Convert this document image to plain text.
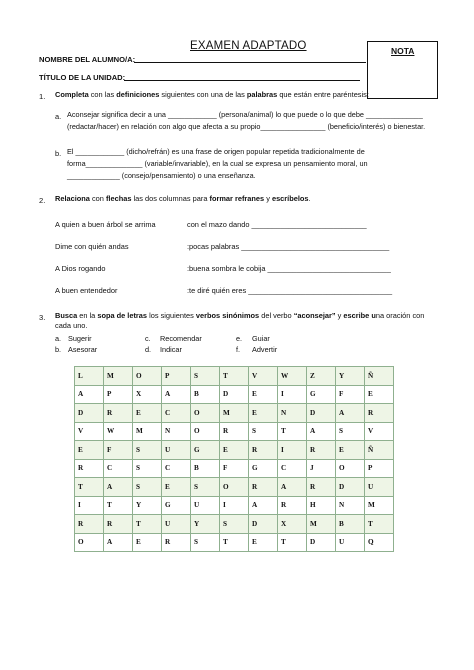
EXAMEN ADAPTADO	NOTA
NOMBRE DEL ALUMNO/A:
TÍTULO DE LA UNIDAD:
1. Completa con las definiciones siguientes con una de las palabras que están entre paréntesis:
a. Aconsejar significa decir a una ____________ (persona/animal) lo que puede o lo que debe ______________

(redactar/hacer) en relación con algo que afecta a su propio________________ (beneficio/interés) o bienestar.

b. El ____________ (dicho/refrán) es una frase de origen popular repetida tradicionalmente de

forma______________ (variable/invariable), en la cual se expresa un pensamiento moral, un

_____________ (consejo/pensamiento) o una enseñanza.

2. Relaciona con flechas las dos columnas para formar refranes y escríbelos.
A quien a buen árbol se arrima	con el mazo dando ____________________________
Dime con quién andas	:pocas palabras ____________________________________
A Dios rogando	:buena sombra le cobija ______________________________
A buen entendedor	:te diré quién eres ___________________________________
3. Busca en la sopa de letras los siguientes verbos sinónimos del verbo “aconsejar” y escribe una oración con
cada uno.
a. Sugerir	c. Recomendar	e. Guiar
b. Asesorar	d. Indicar	f. Advertir
L	M	O	P	S	T	V	W	Z	Y	Ñ
A	P	X	A	B	D	E	I	G	F	E
D	R	E	C	O	M	E	N	D	A	R
V	W	M	N	O	R	S	T	A	S	V
E	F	S	U	G	E	R	I	R	E	Ñ
R	C	S	C	B	F	G	C	J	O	P
T	A	S	E	S	O	R	A	R	D	U
I	T	Y	G	U	I	A	R	H	N	M
R	R	T	U	Y	S	D	X	M	B	T
O	A	E	R	S	T	E	T	D	U	Q
